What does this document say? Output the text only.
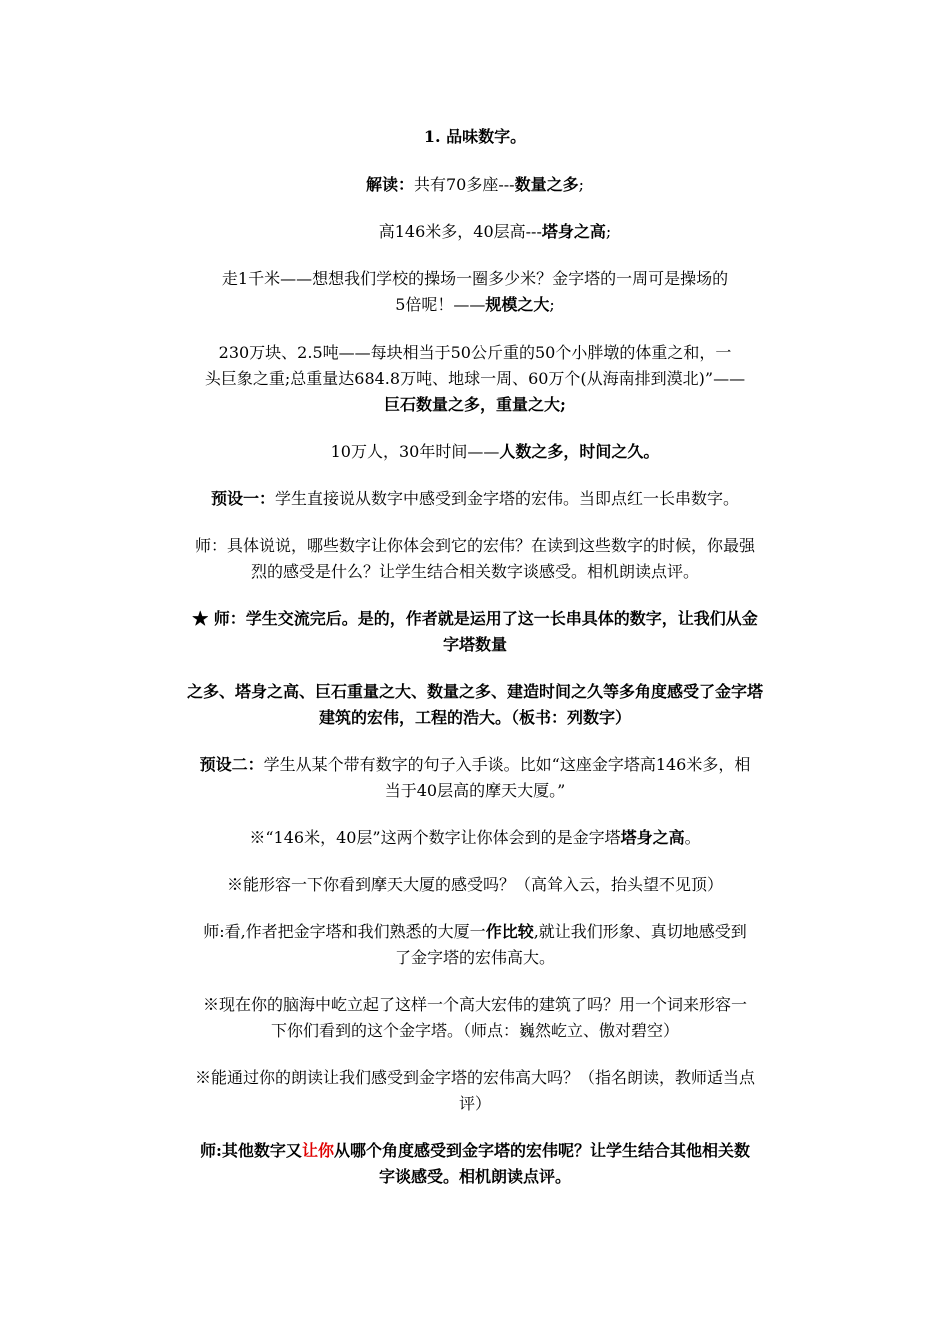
1. 品味数字。
解读：共有70多座---数量之多;
高146米多，40层高---塔身之高;
走1千米——想想我们学校的操场一圈多少米？金字塔的一周可是操场的
5倍呢！——规模之大;
230万块、2.5吨——每块相当于50公斤重的50个小胖墩的体重之和，一
头巨象之重;总重量达684.8万吨、地球一周、60万个(从海南排到漠北)”——
巨石数量之多，重量之大;
10万人，30年时间——人数之多，时间之久。
预设一：学生直接说从数字中感受到金字塔的宏伟。当即点红一长串数字。
师：具体说说，哪些数字让你体会到它的宏伟？在读到这些数字的时候，你最强
烈的感受是什么？让学生结合相关数字谈感受。相机朗读点评。
★ 师：学生交流完后。是的，作者就是运用了这一长串具体的数字，让我们从金
字塔数量
之多、塔身之高、巨石重量之大、数量之多、建造时间之久等多角度感受了金字塔
建筑的宏伟，工程的浩大。（板书：列数字）
预设二：学生从某个带有数字的句子入手谈。比如“这座金字塔高146米多，相
当于40层高的摩天大厦。”
※“146米，40层”这两个数字让你体会到的是金字塔塔身之高。
※能形容一下你看到摩天大厦的感受吗？（高耸入云，抬头望不见顶）
师:看,作者把金字塔和我们熟悉的大厦一作比较,就让我们形象、真切地感受到
了金字塔的宏伟高大。
※现在你的脑海中屹立起了这样一个高大宏伟的建筑了吗？用一个词来形容一
下你们看到的这个金字塔。（师点：巍然屹立、傲对碧空）
※能通过你的朗读让我们感受到金字塔的宏伟高大吗？（指名朗读，教师适当点
评）
师:其他数字又让你从哪个角度感受到金字塔的宏伟呢？让学生结合其他相关数
字谈感受。相机朗读点评。
